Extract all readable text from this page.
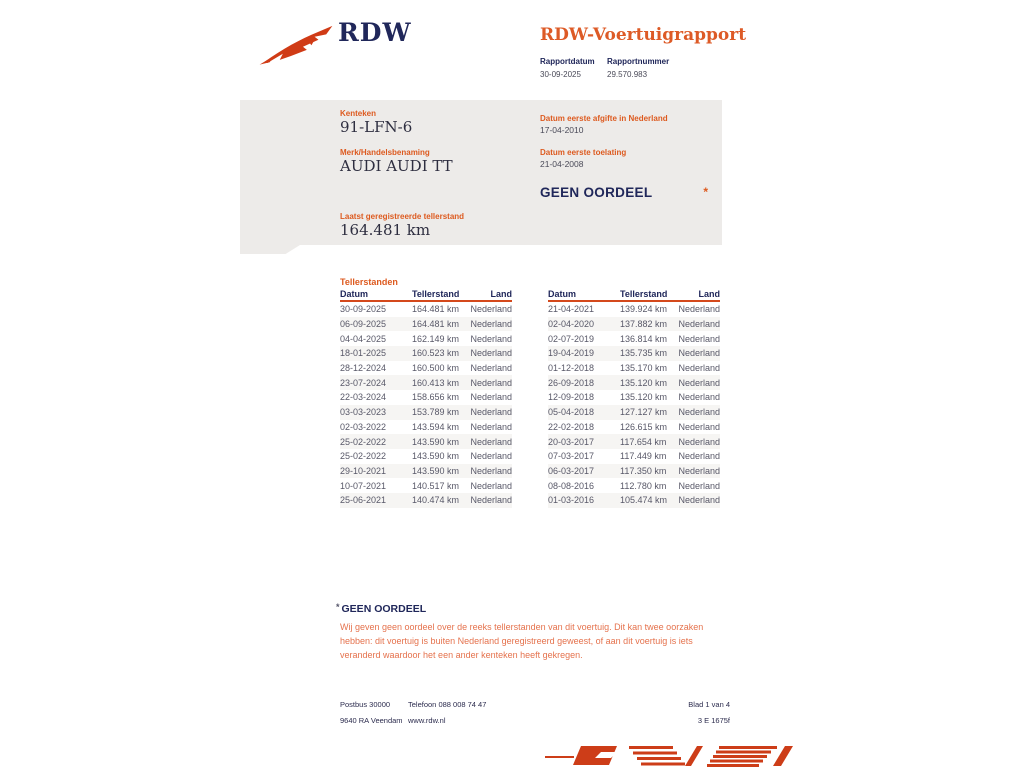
RDW	RDW-Voertuigrapport
Rapportdatum	Rapportnummer
30-09-2025	29.570.983
Kenteken
91-LFN-6
Merk/Handelsbenaming
AUDI AUDI TT
Laatst geregistreerde tellerstand
164.481 km
Datum eerste afgifte in Nederland
17-04-2010
Datum eerste toelating
21-04-2008
GEEN OORDEEL	*
Tellerstanden
Datum	Tellerstand	Land
30-09-2025	164.481 km	Nederland
06-09-2025	164.481 km	Nederland
04-04-2025	162.149 km	Nederland
18-01-2025	160.523 km	Nederland
28-12-2024	160.500 km	Nederland
23-07-2024	160.413 km	Nederland
22-03-2024	158.656 km	Nederland
03-03-2023	153.789 km	Nederland
02-03-2022	143.594 km	Nederland
25-02-2022	143.590 km	Nederland
25-02-2022	143.590 km	Nederland
29-10-2021	143.590 km	Nederland
10-07-2021	140.517 km	Nederland
25-06-2021	140.474 km	Nederland
Datum	Tellerstand	Land
21-04-2021	139.924 km	Nederland
02-04-2020	137.882 km	Nederland
02-07-2019	136.814 km	Nederland
19-04-2019	135.735 km	Nederland
01-12-2018	135.170 km	Nederland
26-09-2018	135.120 km	Nederland
12-09-2018	135.120 km	Nederland
05-04-2018	127.127 km	Nederland
22-02-2018	126.615 km	Nederland
20-03-2017	117.654 km	Nederland
07-03-2017	117.449 km	Nederland
06-03-2017	117.350 km	Nederland
08-08-2016	112.780 km	Nederland
01-03-2016	105.474 km	Nederland
* GEEN OORDEEL
Wij geven geen oordeel over de reeks tellerstanden van dit voertuig. Dit kan twee oorzaken hebben: dit voertuig is buiten Nederland geregistreerd geweest, of aan dit voertuig is iets veranderd waardoor het een ander kenteken heeft gekregen.
Postbus 30000	Telefoon 088 008 74 47	Blad 1 van 4
9640 RA Veendam www.rdw.nl	3 E 1675f
